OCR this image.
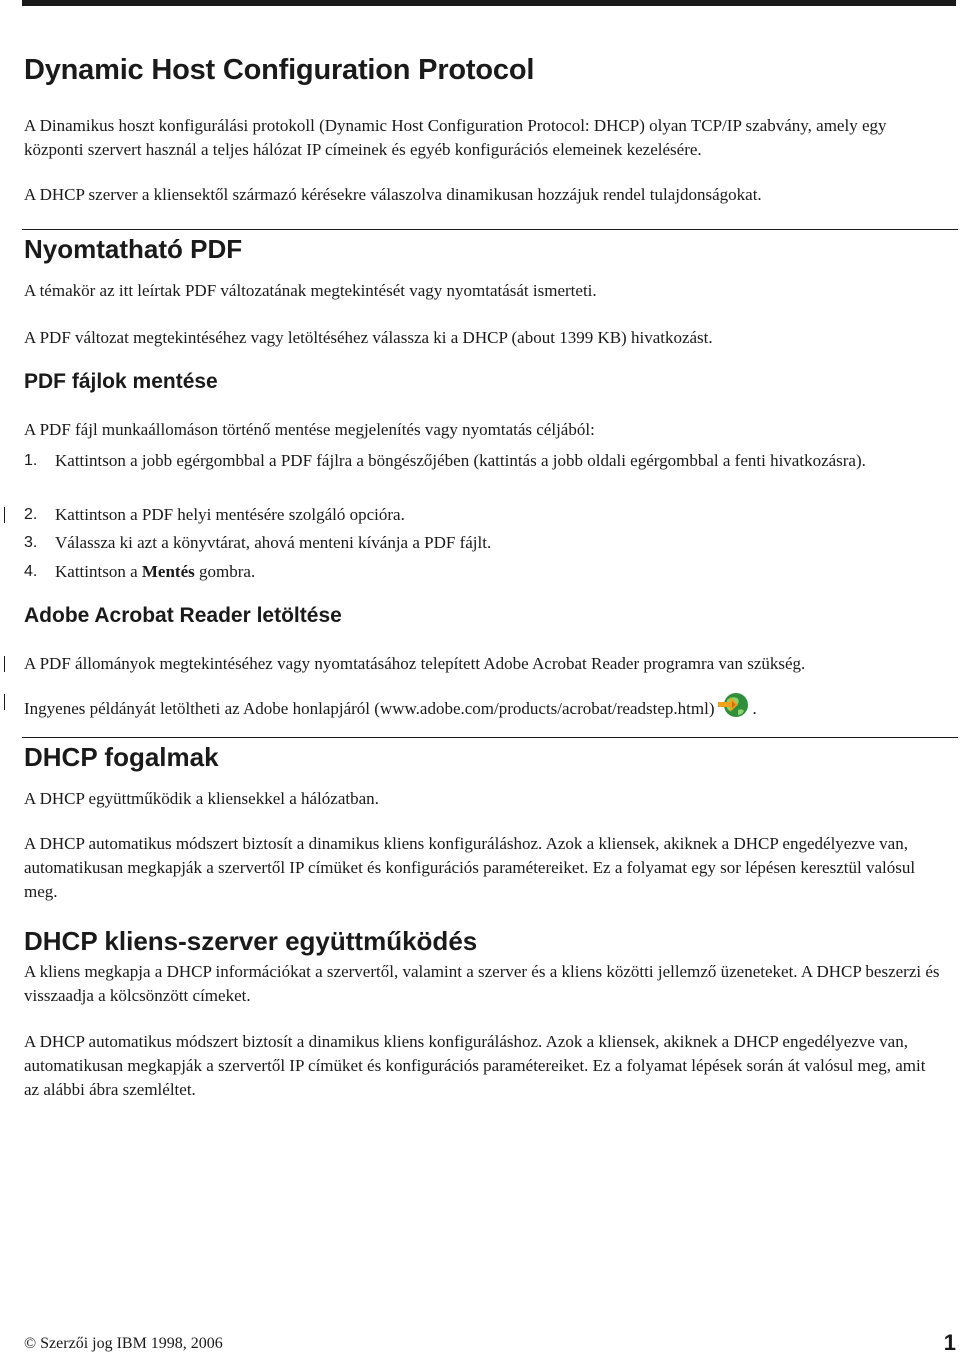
Dynamic Host Configuration Protocol

A Dinamikus hoszt konfigurálási protokoll (Dynamic Host Configuration Protocol: DHCP) olyan TCP/IP szabvány, amely egy központi szervert használ a teljes hálózat IP címeinek és egyéb konfigurációs elemeinek kezelésére.

A DHCP szerver a kliensektől származó kérésekre válaszolva dinamikusan hozzájuk rendel tulajdonságokat.

Nyomtatható PDF

A témakör az itt leírtak PDF változatának megtekintését vagy nyomtatását ismerteti.

A PDF változat megtekintéséhez vagy letöltéséhez válassza ki a DHCP (about 1399 KB) hivatkozást.

PDF fájlok mentése

A PDF fájl munkaállomáson történő mentése megjelenítés vagy nyomtatás céljából:

1. Kattintson a jobb egérgombbal a PDF fájlra a böngészőjében (kattintás a jobb oldali egérgombbal a fenti hivatkozásra).
2. Kattintson a PDF helyi mentésére szolgáló opcióra.
3. Válassza ki azt a könyvtárat, ahová menteni kívánja a PDF fájlt.
4. Kattintson a Mentés gombra.
Adobe Acrobat Reader letöltése

A PDF állományok megtekintéséhez vagy nyomtatásához telepített Adobe Acrobat Reader programra van szükség.

Ingyenes példányát letöltheti az Adobe honlapjáról (www.adobe.com/products/acrobat/readstep.html) .

DHCP fogalmak

A DHCP együttműködik a kliensekkel a hálózatban.

A DHCP automatikus módszert biztosít a dinamikus kliens konfiguráláshoz. Azok a kliensek, akiknek a DHCP engedélyezve van, automatikusan megkapják a szervertől IP címüket és konfigurációs paramétereiket. Ez a folyamat egy sor lépésen keresztül valósul meg.

DHCP kliens-szerver együttműködés

A kliens megkapja a DHCP információkat a szervertől, valamint a szerver és a kliens közötti jellemző üzeneteket. A DHCP beszerzi és visszaadja a kölcsönzött címeket.

A DHCP automatikus módszert biztosít a dinamikus kliens konfiguráláshoz. Azok a kliensek, akiknek a DHCP engedélyezve van, automatikusan megkapják a szervertől IP címüket és konfigurációs paramétereiket. Ez a folyamat lépések során át valósul meg, amit az alábbi ábra szemléltet.

© Szerzői jog IBM 1998, 2006	1
